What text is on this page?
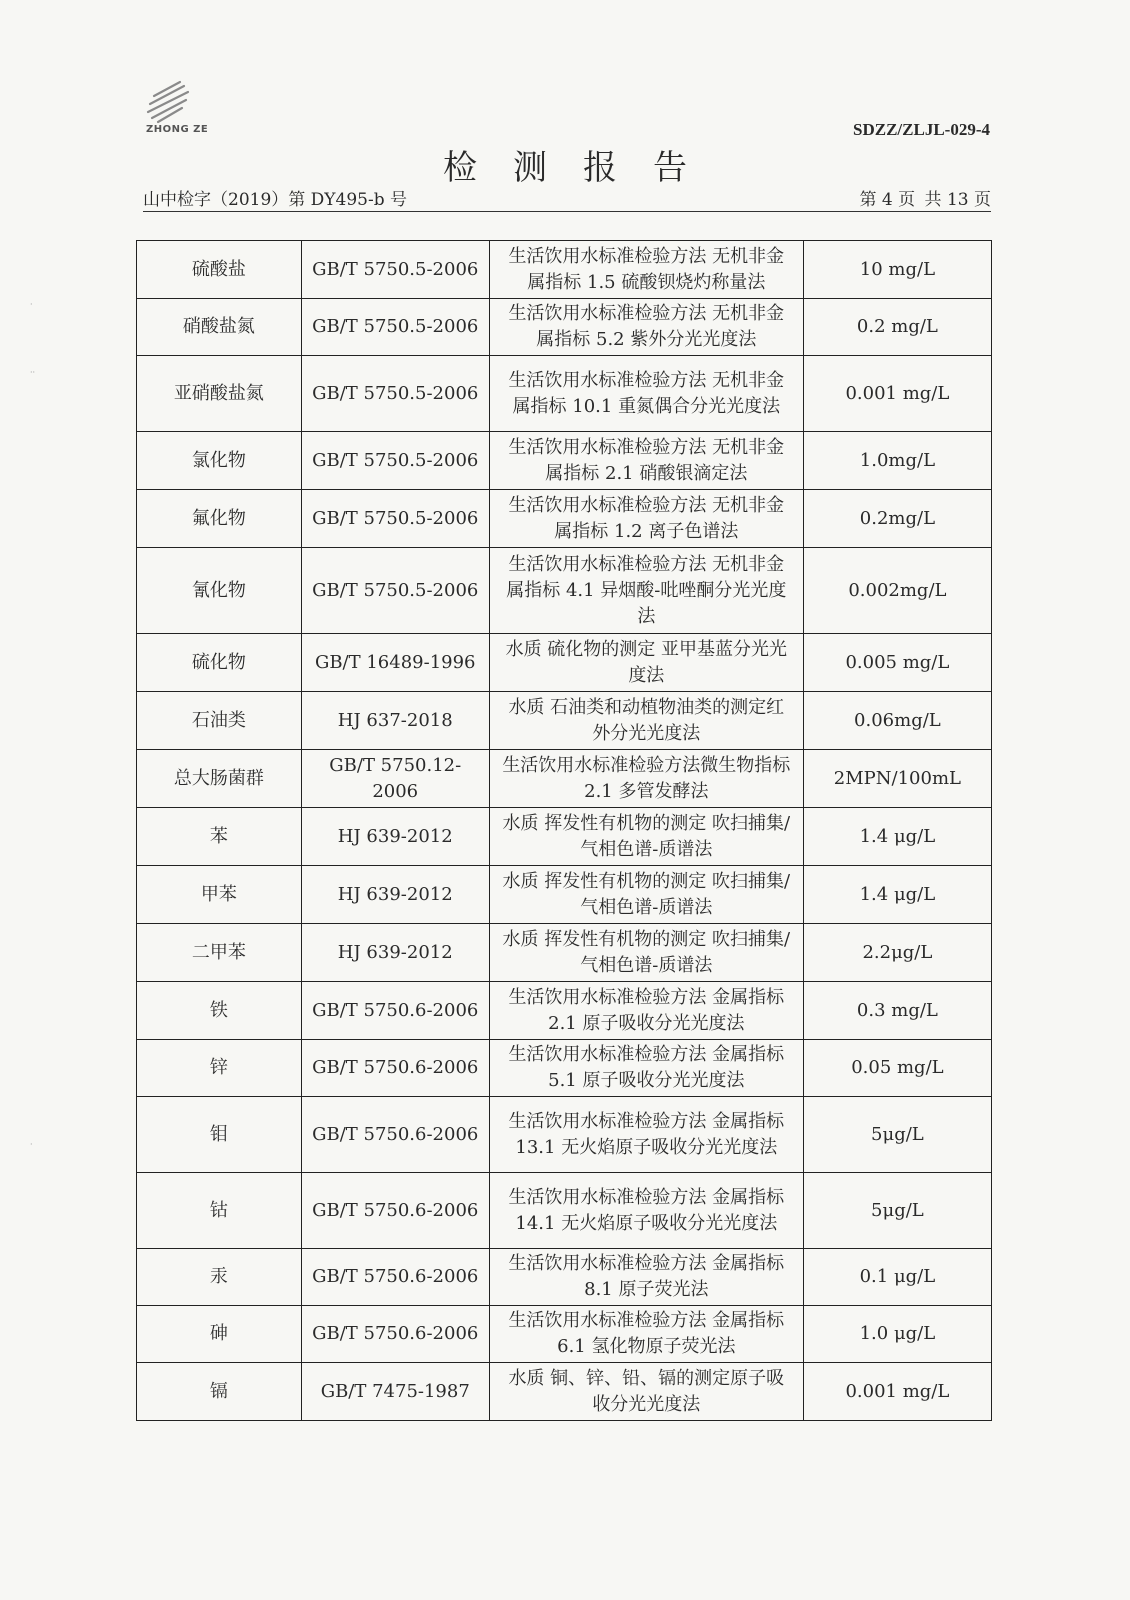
ZHONG ZE	SDZZ/ZLJL-029-4
检测报告
山中检字（2019）第 DY495-b 号	第 4 页 共 13 页
·
··
·
硫酸盐	GB/T 5750.5-2006	生活饮用水标准检验方法 无机非金属指标 1.5 硫酸钡烧灼称量法	10 mg/L
硝酸盐氮	GB/T 5750.5-2006	生活饮用水标准检验方法 无机非金属指标 5.2 紫外分光光度法	0.2 mg/L
亚硝酸盐氮	GB/T 5750.5-2006	生活饮用水标准检验方法 无机非金属指标 10.1 重氮偶合分光光度法	0.001 mg/L
氯化物	GB/T 5750.5-2006	生活饮用水标准检验方法 无机非金属指标 2.1 硝酸银滴定法	1.0mg/L
氟化物	GB/T 5750.5-2006	生活饮用水标准检验方法 无机非金属指标 1.2 离子色谱法	0.2mg/L
氰化物	GB/T 5750.5-2006	生活饮用水标准检验方法 无机非金属指标 4.1 异烟酸-吡唑酮分光光度法	0.002mg/L
硫化物	GB/T 16489-1996	水质 硫化物的测定 亚甲基蓝分光光度法	0.005 mg/L
石油类	HJ 637-2018	水质 石油类和动植物油类的测定红外分光光度法	0.06mg/L
总大肠菌群	GB/T 5750.12-2006	生活饮用水标准检验方法微生物指标 2.1 多管发酵法	2MPN/100mL
苯	HJ 639-2012	水质 挥发性有机物的测定 吹扫捕集/气相色谱-质谱法	1.4 μg/L
甲苯	HJ 639-2012	水质 挥发性有机物的测定 吹扫捕集/气相色谱-质谱法	1.4 μg/L
二甲苯	HJ 639-2012	水质 挥发性有机物的测定 吹扫捕集/气相色谱-质谱法	2.2μg/L
铁	GB/T 5750.6-2006	生活饮用水标准检验方法 金属指标 2.1 原子吸收分光光度法	0.3 mg/L
锌	GB/T 5750.6-2006	生活饮用水标准检验方法 金属指标 5.1 原子吸收分光光度法	0.05 mg/L
钼	GB/T 5750.6-2006	生活饮用水标准检验方法 金属指标 13.1 无火焰原子吸收分光光度法	5μg/L
钴	GB/T 5750.6-2006	生活饮用水标准检验方法 金属指标 14.1 无火焰原子吸收分光光度法	5μg/L
汞	GB/T 5750.6-2006	生活饮用水标准检验方法 金属指标 8.1 原子荧光法	0.1 μg/L
砷	GB/T 5750.6-2006	生活饮用水标准检验方法 金属指标 6.1 氢化物原子荧光法	1.0 μg/L
镉	GB/T 7475-1987	水质 铜、锌、铅、镉的测定原子吸收分光光度法	0.001 mg/L
